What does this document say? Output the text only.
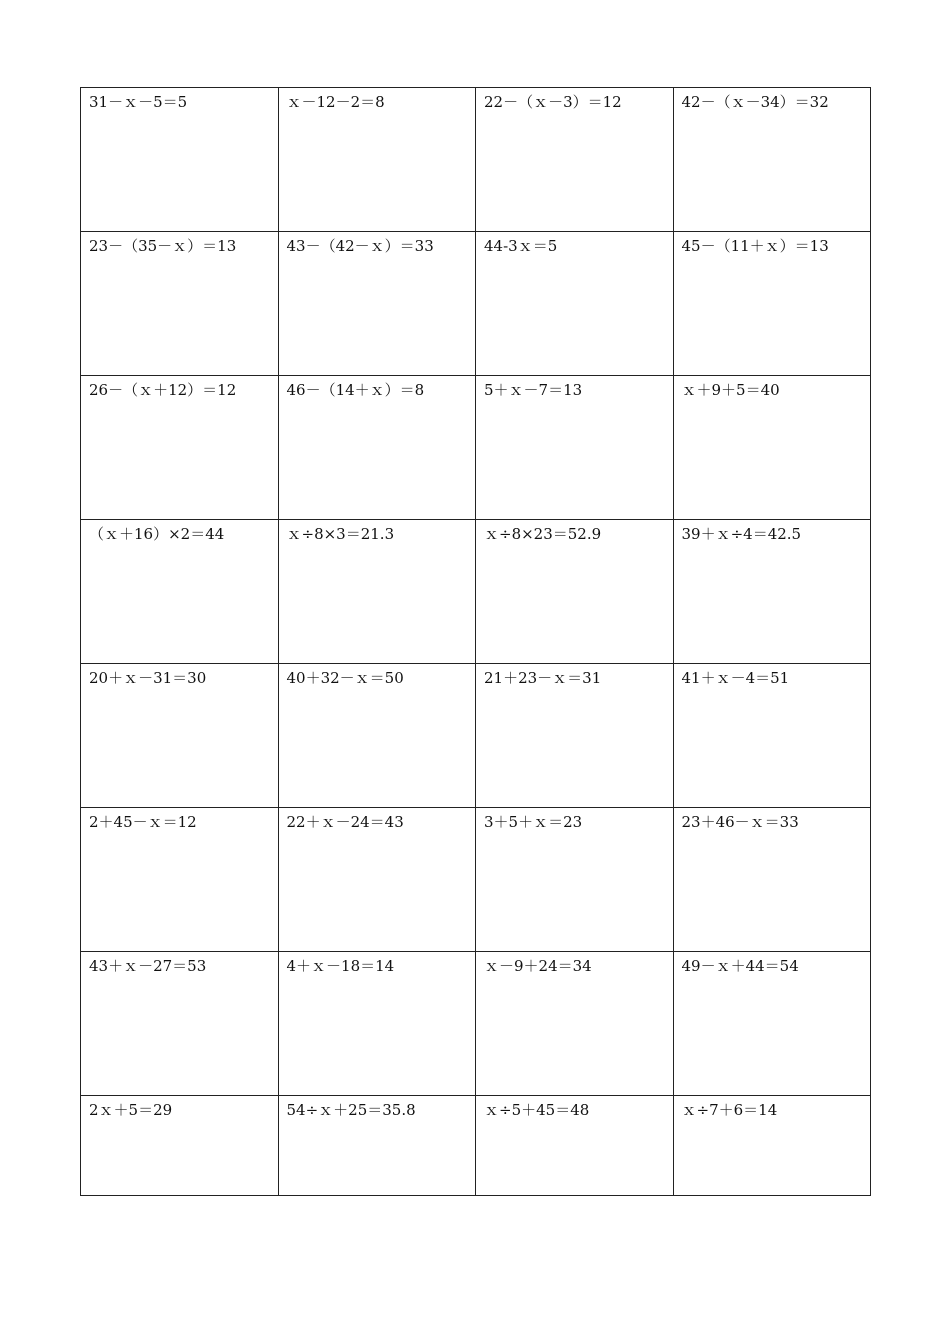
31－ｘ－5＝5	ｘ－12－2＝8	22－（ｘ－3）＝12	42－（ｘ－34）＝32
23－（35－ｘ）＝13	43－（42－ｘ）＝33	44-3ｘ＝5	45－（11＋ｘ）＝13
26－（ｘ＋12）＝12	46－（14＋ｘ）＝8	5＋ｘ－7＝13	ｘ＋9＋5＝40
（ｘ＋16）×2＝44	ｘ÷8×3＝21.3	ｘ÷8×23＝52.9	39＋ｘ÷4＝42.5
20＋ｘ－31＝30	40＋32－ｘ＝50	21＋23－ｘ＝31	41＋ｘ－4＝51
2＋45－ｘ＝12	22＋ｘ－24＝43	3＋5＋ｘ＝23	23＋46－ｘ＝33
43＋ｘ－27＝53	4＋ｘ－18＝14	ｘ－9＋24＝34	49－ｘ＋44＝54
2ｘ＋5＝29	54÷ｘ＋25＝35.8	ｘ÷5＋45＝48	ｘ÷7＋6＝14
